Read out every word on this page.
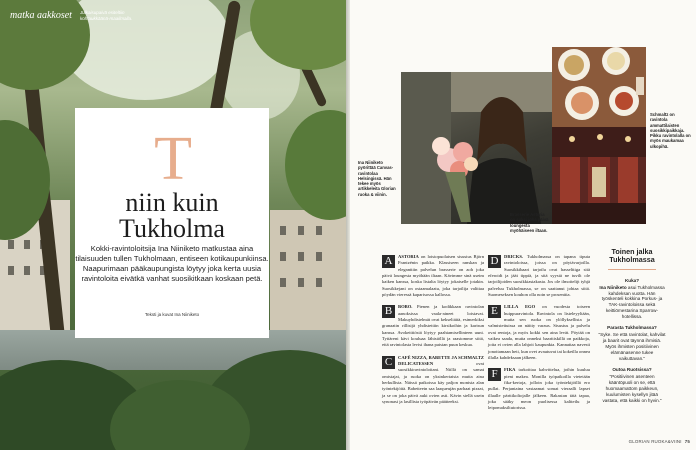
matka aakkoset Julkaisupaivä esiteltiin kohtaukkäänä-maailmalla.
T
niin kuin Tukholma
Kokki-ravintoloitsija Ina Niiniketo matkustaa aina tilaisuuden tullen Tukholmaan, entiseen kotikaupunkiinsa. Naapurimaan pääkaupungista löytyy joka kerta uusia ravintoloita eivätkä vanhat suosikitkaan koskaan petä.
Teksti ja kuvat Ina Niiniketo
Ina Niiniketo pyörittää Canvas-ravintolaa Helsingissä. Hän tekee myös artikkeleita Glorian ruoka & viinin.
Schmaltz on ravintola ammattilaisten suosikkipaikkaja. Pikku ravintolalla on myös maukamaa ulkopihä.
Brasserie Astoria on suksi joka päivä loungesta myöhäiseen iltaan.
A	ASTORIA on loistopuolaisen sisustus Björn Frantzénin paikka. Klassiseen ranskan ja eleganttiin palvelun brasserie on aoh joka päivä loungesta myöhään iltaan. Kävimme sinä useim kaiken kanssa, koska listalta löytyy jokaiselle jotakin. Suosikkejani on ostaamalaatu, joka tarjoilija valittaa pöydän vieressä kaparisossa kallossa.
B	BOBO. Pienen ja kodikkaan ravintolan aanoksissa vaala-aineet loistavat. Makuyhdistelmät ovat kekseliäitä, esimerkiksi granaatin rillisijä yhdistettiin kirsikoihin ja karisun kanssa. Avokeittiöstä löytyy paahtamisellinteen uuni. Tyttäreni kävi kouluaa lähistöllä ja raastomme siitä, että ravintolasta levisi ihana paistan puun keskua.
C	CAFÉ NIZZA, BABETTE JA SCHMALTZ DELICATESSEN	ovat suosikkiravintoloitani. Niillä on samat omistajat, ja ruoka on yksinkertaista mutta aina herkullista. Näissä paikoissa käy paljon monista alan työntekijöitä. Babetteein saa laaqueujän parhaat pizzat, ja se on joka päivä auki ovien asti. Kävin siellä usein synonasi ja lasillista työpäivän päätteeksi.
D	DRICKS. Tukholmassa on tapana tiputa ravintoloissa, joissa on pöytävarjoilla. Suosikkibaari tarjoilu ovat hasselttiga sitä eferoidt ja jäät tippiä, ja sitä syystä ne tuvilt ole tarjoilijoiden suosikkiasiakasta. Jos ole ilmoitelijt tyhjä palveluu Tukholmassa, se on saattanut johtaa siitä. Suomeseksen kouhon olla noin se prosenttia.
E	LILLA EGO on vuodesta toiseen huippuravintola. Ravintola on listeleyyltään, mutta sen ruoka on ylöllyksellista ja valmistettuissa on näitty varaus. Sisustus ja palvelu ovat rentoja, ja myös kokki sen aina levät. Pöytää on vaikea saada, mutta onneksi baaritiskillä on paikkoja, joita ei ovien alla lahjoit kaupunkia. Kannattaa navesti jonottamaan heti, kun ovet avautuvat tai kokeilla onnea illalla kahdeksaan jälkeen.
F	FIKA tarkoittaa kahvittelua, joihin kuuluu pieni makea. Monilla työpaikoilla vietetään fika-kertoja, jolloin joka työntekijöillä ero pullat. Perjantaina vastaamat somat vieraalli lapset illaalle pärttikoltojalle jälkeen. Rakastan tätä tapaa, joka sääky meon puolisessa kaltteilu ja leipomaksiltutorissa.
Toinen jalka Tukholmassa
Kuka?
Ina Niiniketo asui Tukholmassa kahdeksan vuotta. Hän työskenteli kokkina Porkus- ja TAK-ravintoloissa sekä keittiömestarina Sparrow-hotellissa.
Parasta Tukholmassa?
"Syke. Se että ravintolat, kahvilat ja baarit ovat täynnä ihmisiä. Myös ihmisten positiivinen elämänasenne tukee vaikuttavan."
Outoa Ruotsissa?
"Positiivinen asenteen kääntöpuoli on se, että huomaamattom paikkeun, kuulumisten kysellyn jitää vastata, että kaikki on hyvin."
GLORIAN RUOKA&VIINI 75
